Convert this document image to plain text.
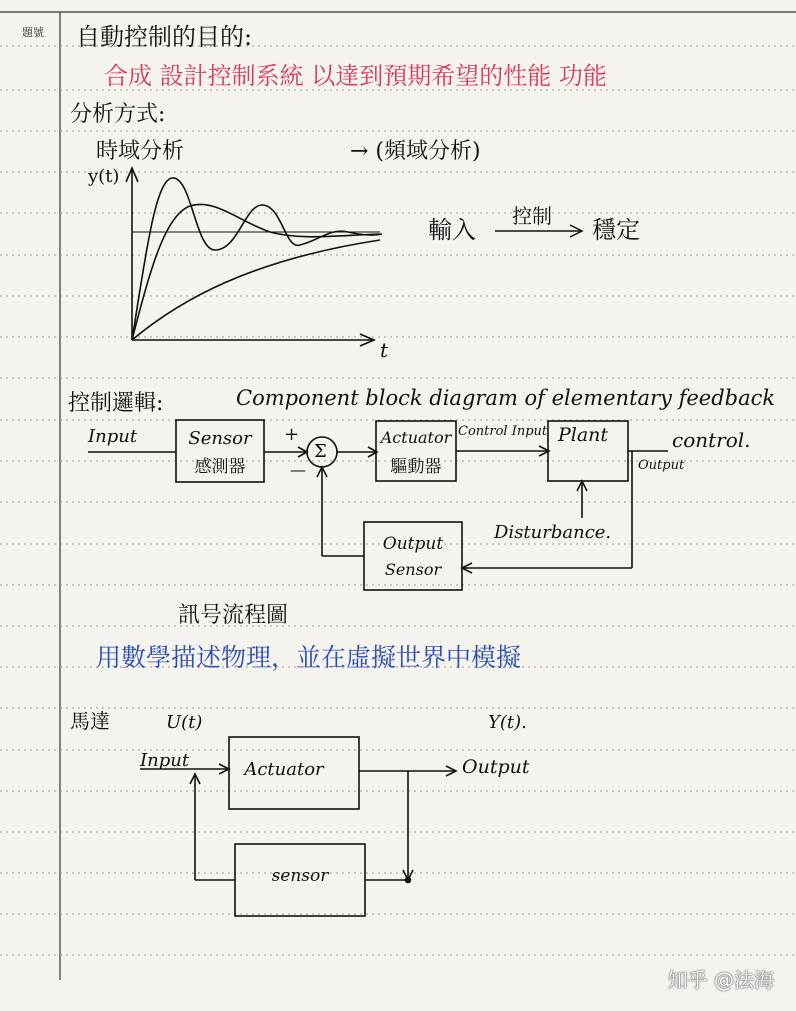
題號 自動控制的目的:
合成 設計控制系統 以達到預期希望的性能 功能
分析方式:
時域分析	→ (頻域分析)
y(t)
t
輸入 控制 穩定
控制邏輯:	Component block diagram of elementary feedback
control.
Input	Sensor
感測器
+
—
Σ
Actuator
驅動器
Control Input Plant
Output
Disturbance.
Output
Sensor
訊号流程圖
用數學描述物理，並在虛擬世界中模擬
馬達	U(t)	Y(t).
Input	Actuator	Output
sensor
知乎 @法海
